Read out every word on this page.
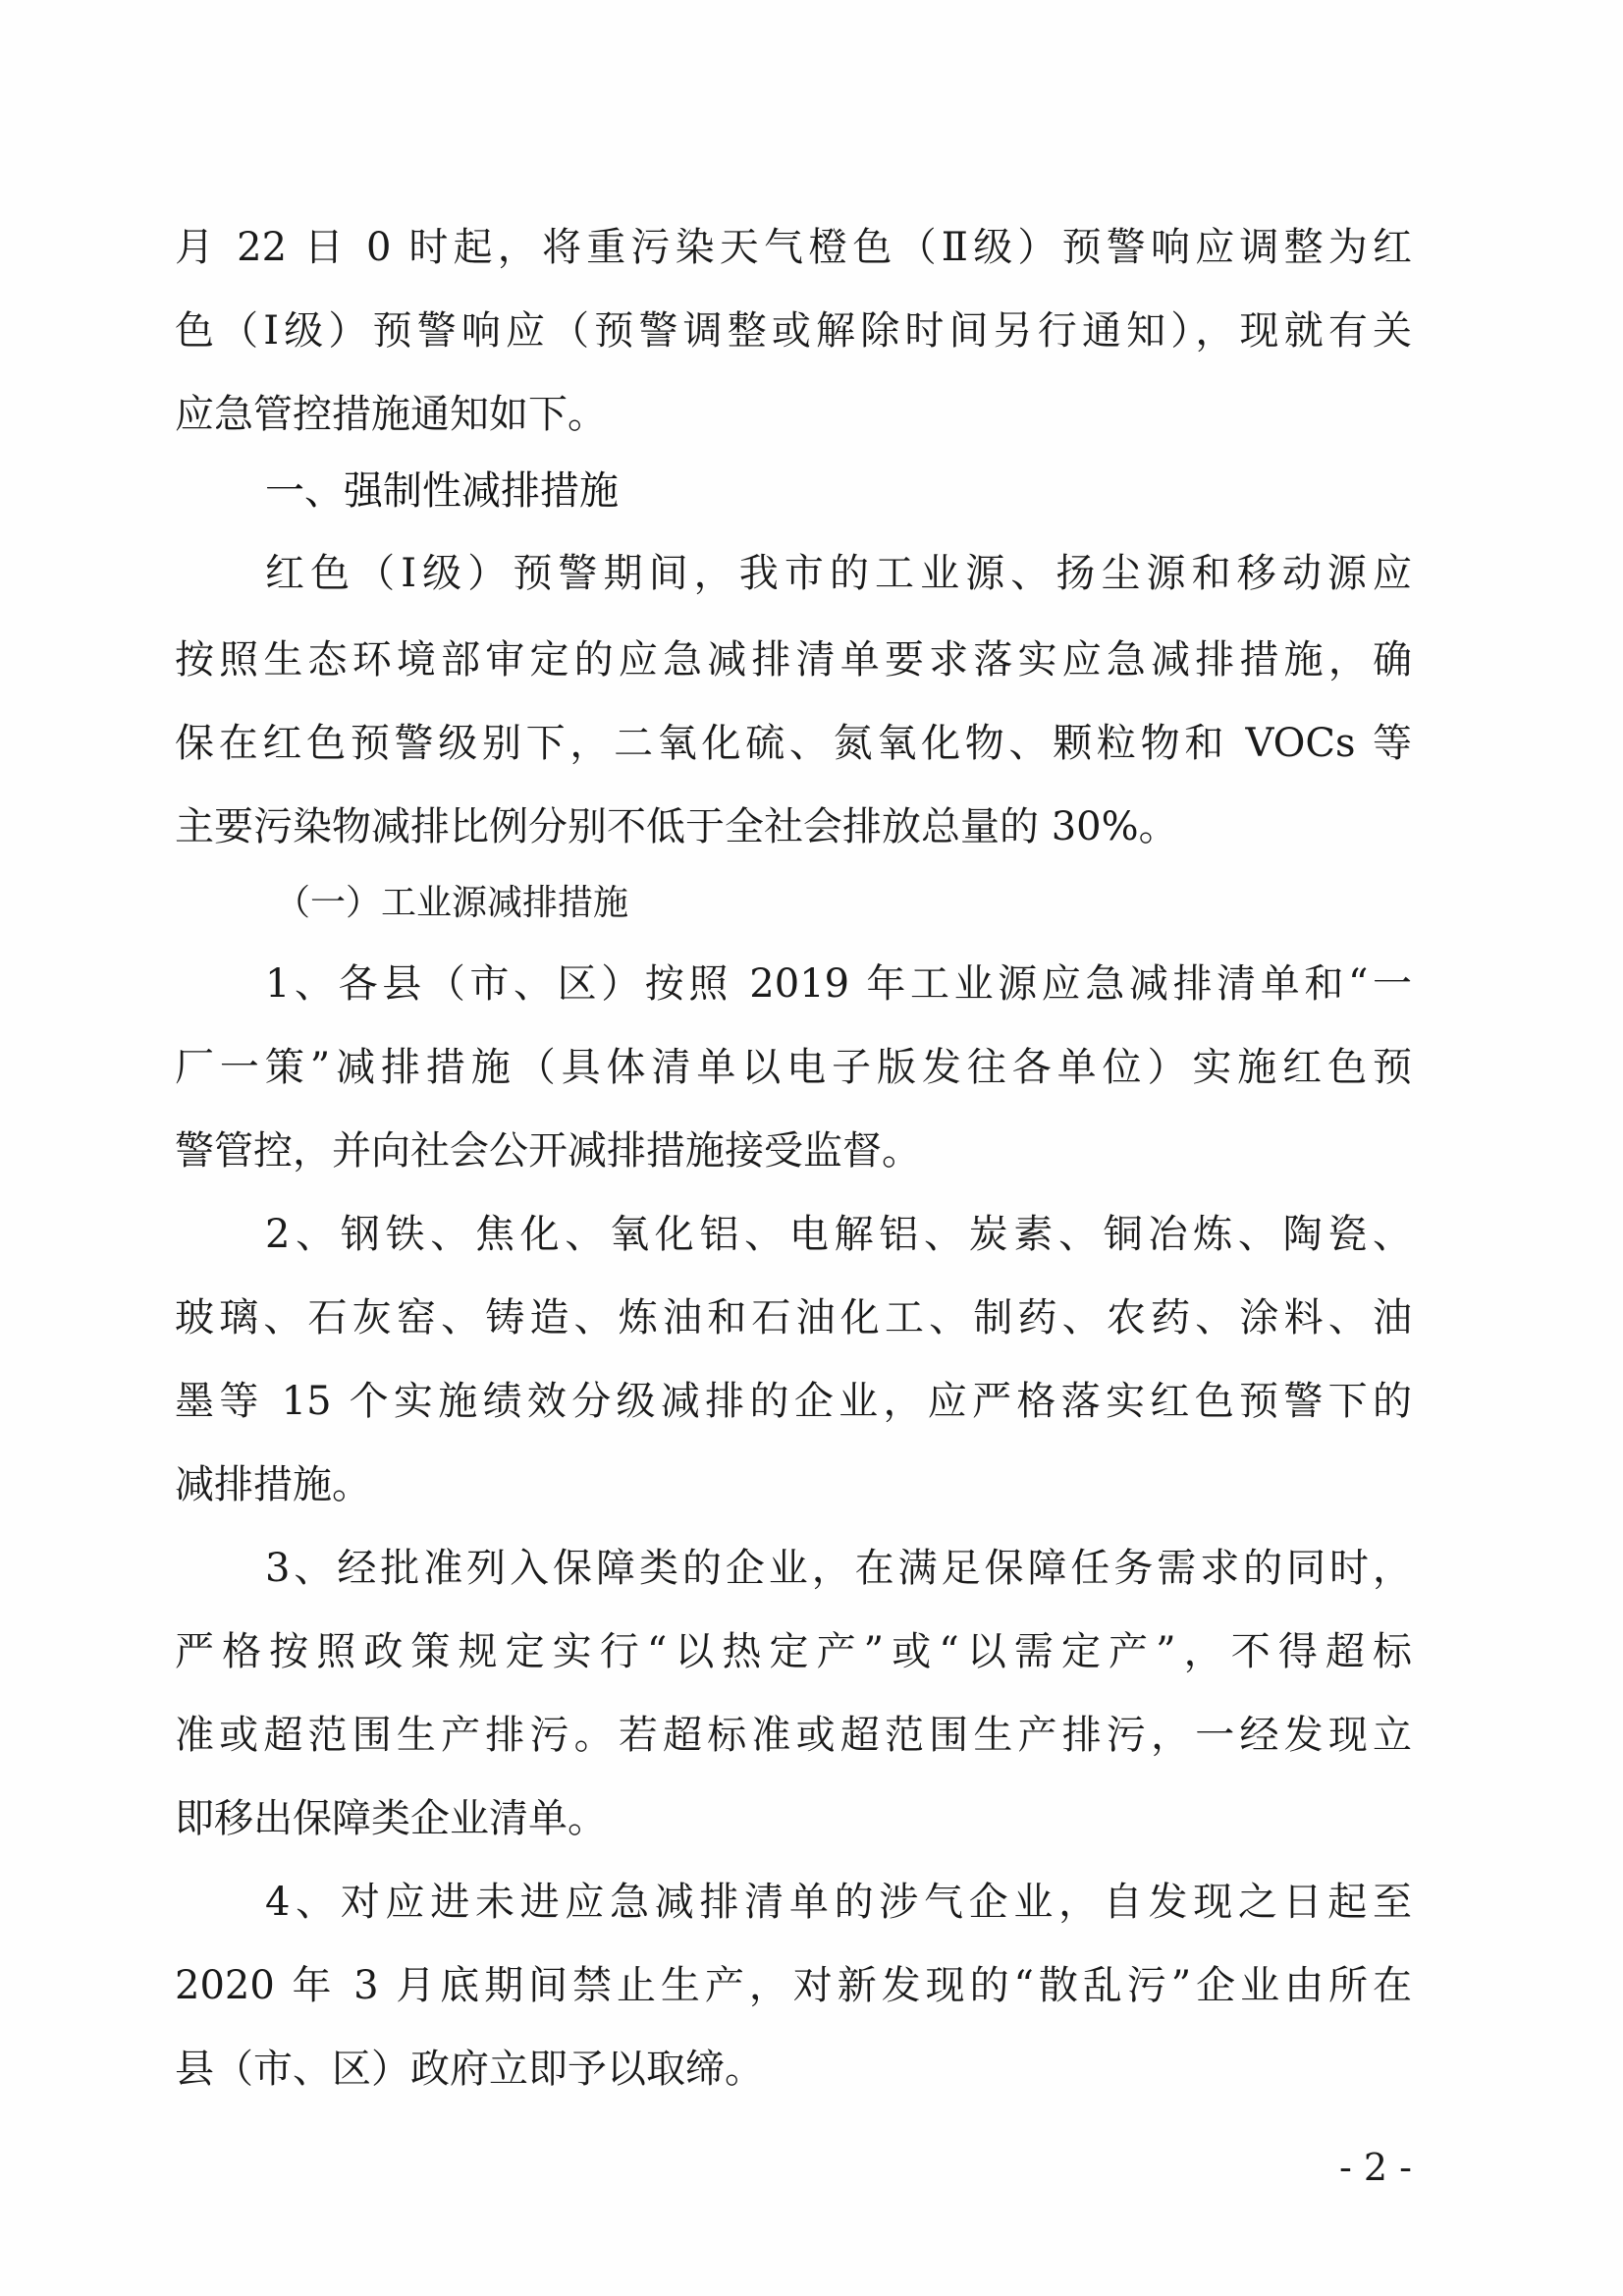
月 22 日 0 时起，将重污染天气橙色（Ⅱ级）预警响应调整为红
色（Ⅰ级）预警响应（预警调整或解除时间另行通知），现就有关
应急管控措施通知如下。
一、强制性减排措施
红色（Ⅰ级）预警期间，我市的工业源、扬尘源和移动源应
按照生态环境部审定的应急减排清单要求落实应急减排措施，确
保在红色预警级别下，二氧化硫、氮氧化物、颗粒物和 VOCs 等
主要污染物减排比例分别不低于全社会排放总量的 30%。
（一）工业源减排措施
1、各县（市、区）按照 2019 年工业源应急减排清单和“一
厂一策”减排措施（具体清单以电子版发往各单位）实施红色预
警管控，并向社会公开减排措施接受监督。
2、钢铁、焦化、氧化铝、电解铝、炭素、铜冶炼、陶瓷、
玻璃、石灰窑、铸造、炼油和石油化工、制药、农药、涂料、油
墨等 15 个实施绩效分级减排的企业，应严格落实红色预警下的
减排措施。
3、经批准列入保障类的企业，在满足保障任务需求的同时，
严格按照政策规定实行“以热定产”或“以需定产”，不得超标
准或超范围生产排污。若超标准或超范围生产排污，一经发现立
即移出保障类企业清单。
4、对应进未进应急减排清单的涉气企业，自发现之日起至
2020 年 3 月底期间禁止生产，对新发现的“散乱污”企业由所在
县（市、区）政府立即予以取缔。
- 2 -
